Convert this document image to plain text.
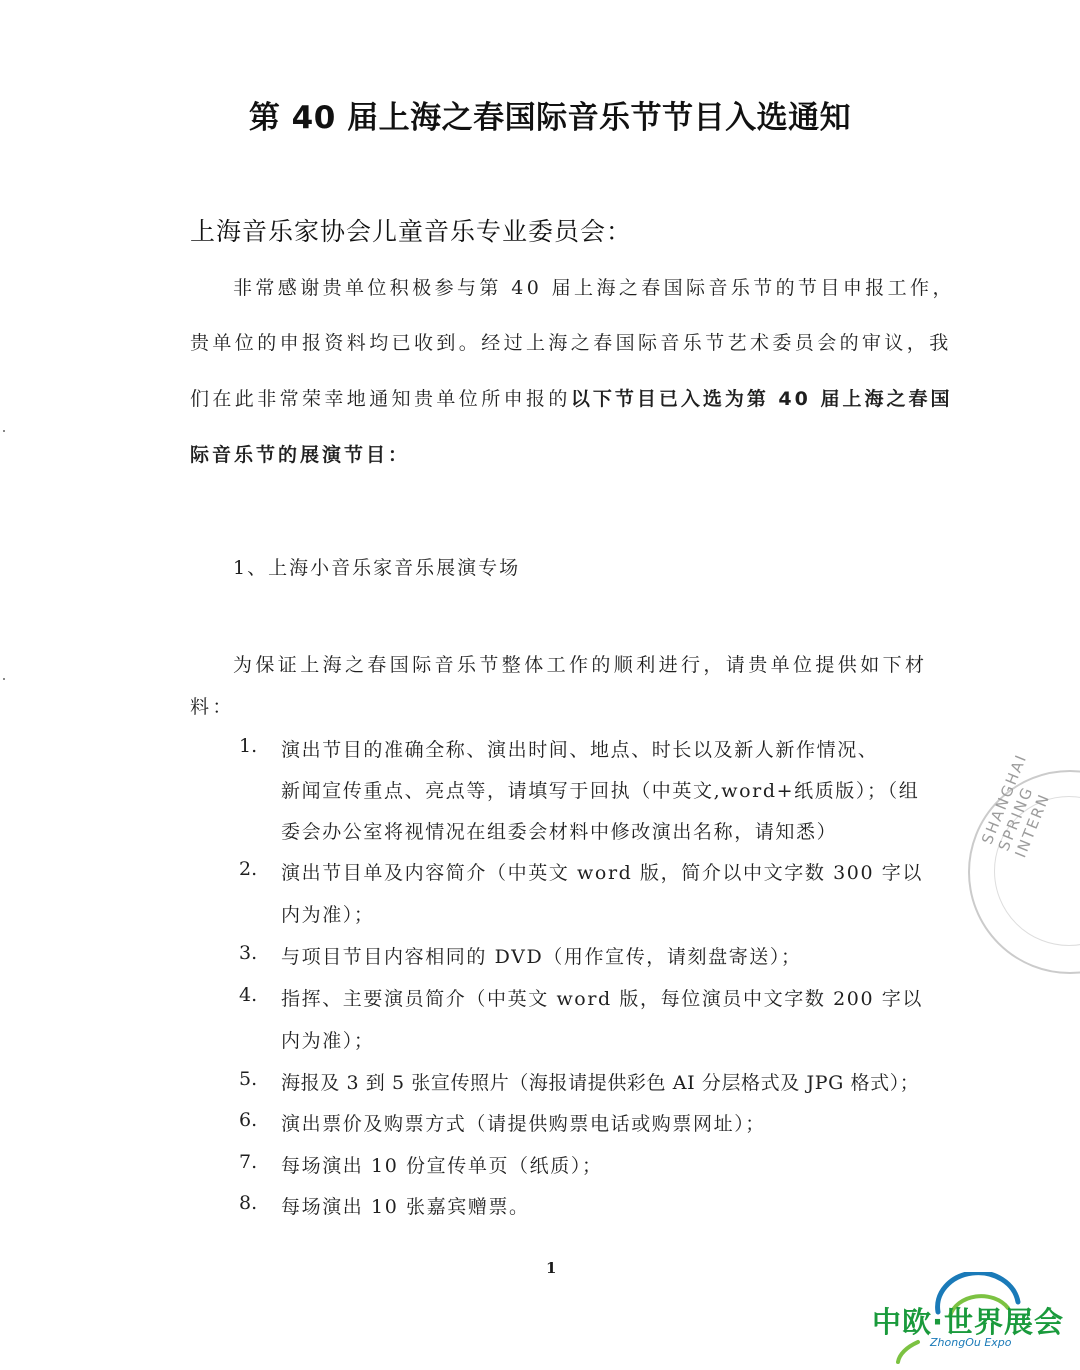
第 40 届上海之春国际音乐节节目入选通知
上海音乐家协会儿童音乐专业委员会：
非常感谢贵单位积极参与第 40 届上海之春国际音乐节的节目申报工作，
贵单位的申报资料均已收到。经过上海之春国际音乐节艺术委员会的审议，我
们在此非常荣幸地通知贵单位所申报的以下节目已入选为第 40 届上海之春国
际音乐节的展演节目：
1、上海小音乐家音乐展演专场
为保证上海之春国际音乐节整体工作的顺利进行，请贵单位提供如下材
料：
1. 演出节目的准确全称、演出时间、地点、时长以及新人新作情况、
新闻宣传重点、亮点等，请填写于回执（中英文,word+纸质版）；（组
委会办公室将视情况在组委会材料中修改演出名称，请知悉）
2. 演出节目单及内容简介（中英文 word 版，简介以中文字数 300 字以
内为准）；
3. 与项目节目内容相同的 DVD（用作宣传，请刻盘寄送）；
4. 指挥、主要演员简介（中英文 word 版，每位演员中文字数 200 字以
内为准）；
5. 海报及 3 到 5 张宣传照片（海报请提供彩色 AI 分层格式及 JPG 格式）；
6. 演出票价及购票方式（请提供购票电话或购票网址）；
7. 每场演出 10 份宣传单页（纸质）；
8. 每场演出 10 张嘉宾赠票。
1
SHANGHAI SPRING INTERN
中欧·世界展会
ZhongOu Expo
